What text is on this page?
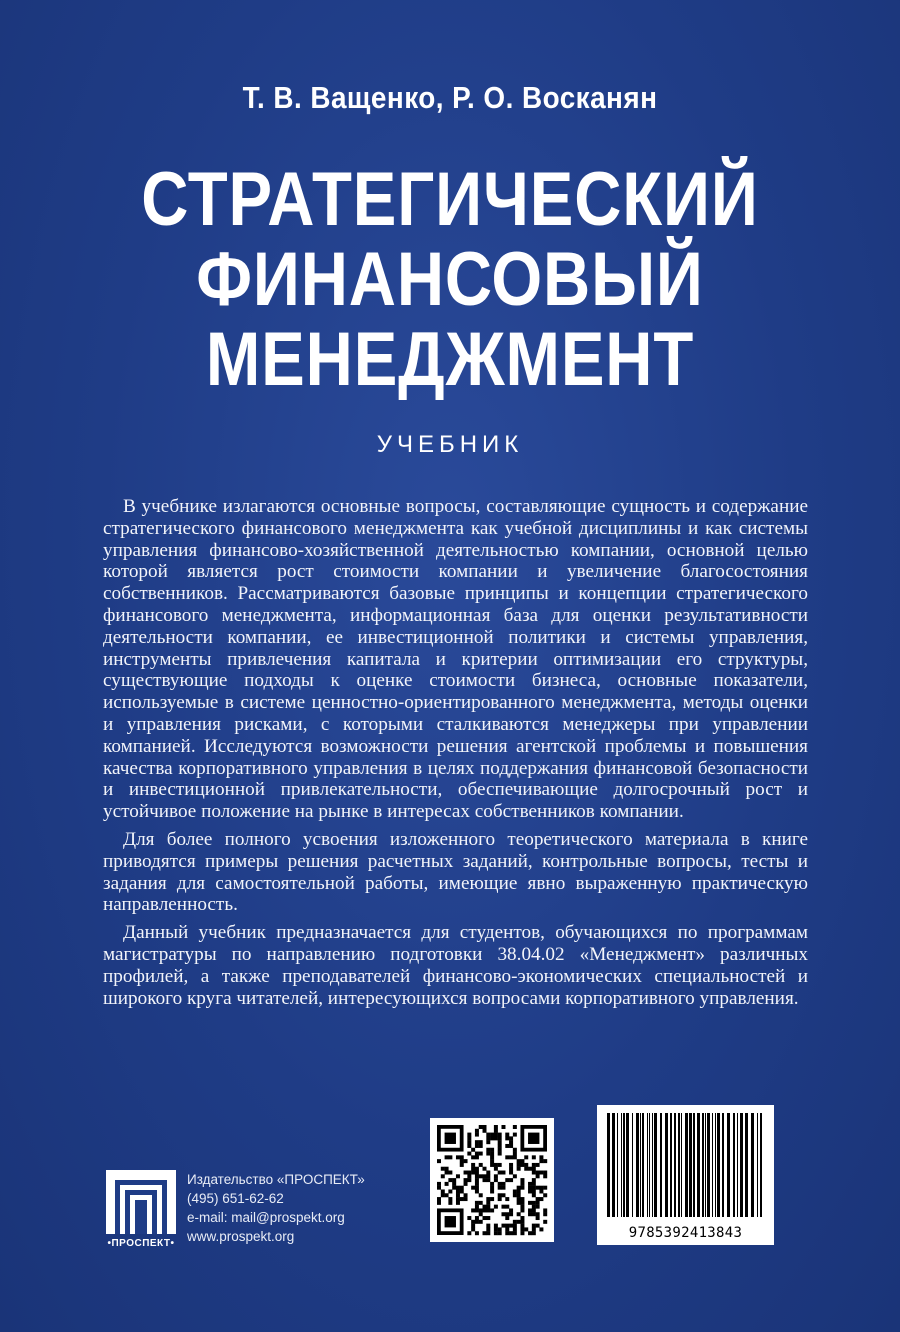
Т. В. Ващенко, Р. О. Восканян
СТРАТЕГИЧЕСКИЙ
ФИНАНСОВЫЙ
МЕНЕДЖМЕНТ
УЧЕБНИК

В учебнике излагаются основные вопросы, составляющие сущность и содержание стратегического финансового менеджмента как учебной дисциплины и как системы управления финансово-хозяйственной деятельностью компании, основной целью которой является рост стоимости компании и увеличение благосостояния собственников. Рассматриваются базовые принципы и концепции стратегического финансового менеджмента, информационная база для оценки результативности деятельности компании, ее инвестиционной политики и системы управления, инструменты привлечения капитала и критерии оптимизации его структуры, существующие подходы к оценке стоимости бизнеса, основные показатели, используемые в системе ценностно-ориентированного менеджмента, методы оценки и управления рисками, с которыми сталкиваются менеджеры при управлении компанией. Исследуются возможности решения агентской проблемы и повышения качества корпоративного управления в целях поддержания финансовой безопасности и инвестиционной привлекательности, обеспечивающие долгосрочный рост и устойчивое положение на рынке в интересах собственников компании.

Для более полного усвоения изложенного теоретического материала в книге приводятся примеры решения расчетных заданий, контрольные вопросы, тесты и задания для самостоятельной работы, имеющие явно выраженную практическую направленность.

Данный учебник предназначается для студентов, обучающихся по программам магистратуры по направлению подготовки 38.04.02 «Менеджмент» различных профилей, а также преподавателей финансово-экономических специальностей и широкого круга читателей, интересующихся вопросами корпоративного управления.

•ПРОСПЕКТ•
Издательство «ПРОСПЕКТ»
(495) 651-62-62
e-mail: mail@prospekt.org
www.prospekt.org	9785392413843
